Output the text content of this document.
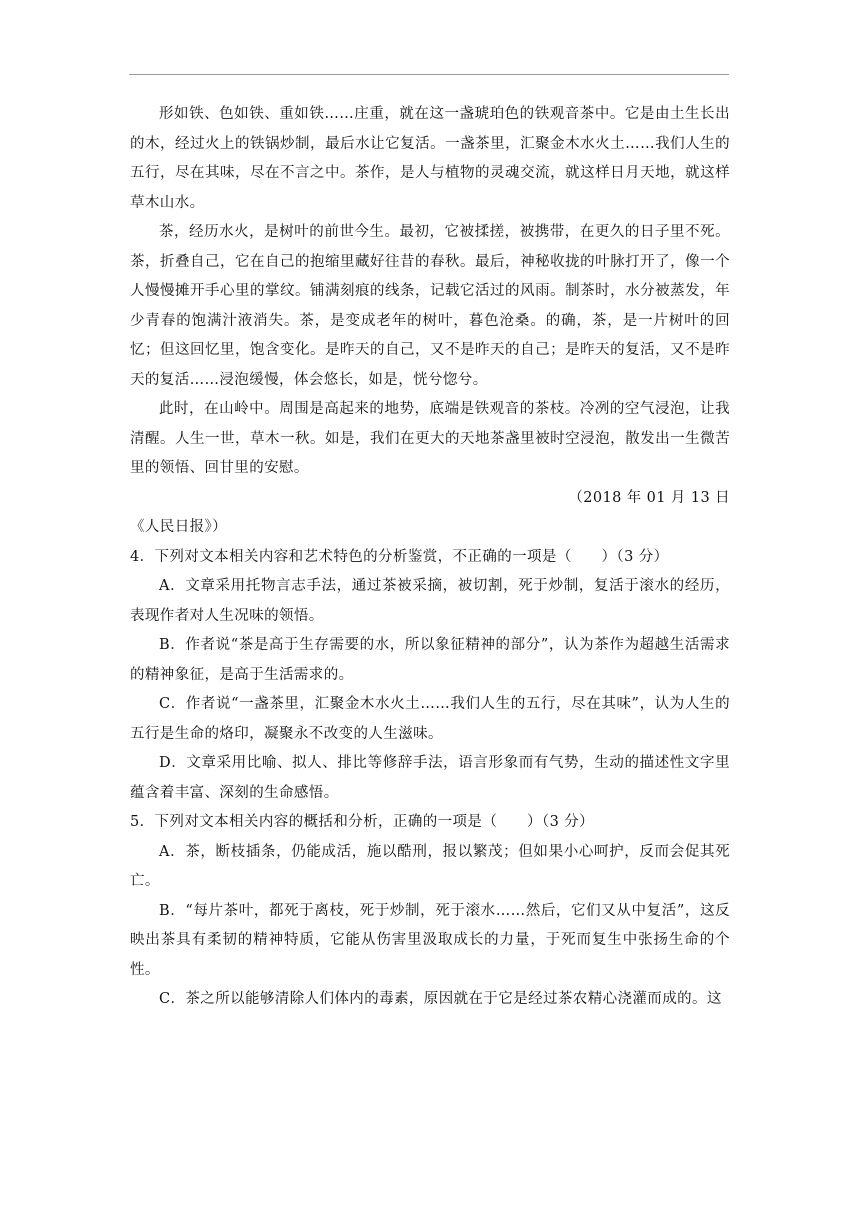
形如铁、色如铁、重如铁……庄重，就在这一盏琥珀色的铁观音茶中。它是由土生长出的木，经过火上的铁锅炒制，最后水让它复活。一盏茶里，汇聚金木水火土……我们人生的五行，尽在其味，尽在不言之中。茶作，是人与植物的灵魂交流，就这样日月天地，就这样草木山水。

茶，经历水火，是树叶的前世今生。最初，它被揉搓，被携带，在更久的日子里不死。茶，折叠自己，它在自己的抱缩里藏好往昔的春秋。最后，神秘收拢的叶脉打开了，像一个人慢慢摊开手心里的掌纹。铺满刻痕的线条，记载它活过的风雨。制茶时，水分被蒸发，年少青春的饱满汁液消失。茶，是变成老年的树叶，暮色沧桑。的确，茶，是一片树叶的回忆；但这回忆里，饱含变化。是昨天的自己，又不是昨天的自己；是昨天的复活，又不是昨天的复活……浸泡缓慢，体会悠长，如是，恍兮惚兮。

此时，在山岭中。周围是高起来的地势，底端是铁观音的茶枝。冷冽的空气浸泡，让我清醒。人生一世，草木一秋。如是，我们在更大的天地茶盏里被时空浸泡，散发出一生微苦里的领悟、回甘里的安慰。

（2018 年 01 月 13 日

《人民日报》）

4．下列对文本相关内容和艺术特色的分析鉴赏，不正确的一项是（　　）（3 分）

A．文章采用托物言志手法，通过茶被采摘，被切割，死于炒制，复活于滚水的经历，表现作者对人生况味的领悟。

B．作者说“茶是高于生存需要的水，所以象征精神的部分”，认为茶作为超越生活需求的精神象征，是高于生活需求的。

C．作者说“一盏茶里，汇聚金木水火土……我们人生的五行，尽在其味”，认为人生的五行是生命的烙印，凝聚永不改变的人生滋味。

D．文章采用比喻、拟人、排比等修辞手法，语言形象而有气势，生动的描述性文字里蕴含着丰富、深刻的生命感悟。

5．下列对文本相关内容的概括和分析，正确的一项是（　　）（3 分）

A．茶，断枝插条，仍能成活，施以酷刑，报以繁茂；但如果小心呵护，反而会促其死亡。

B．“每片茶叶，都死于离枝，死于炒制，死于滚水……然后，它们又从中复活”，这反映出茶具有柔韧的精神特质，它能从伤害里汲取成长的力量，于死而复生中张扬生命的个性。

C．茶之所以能够清除人们体内的毒素，原因就在于它是经过茶农精心浇灌而成的。这
